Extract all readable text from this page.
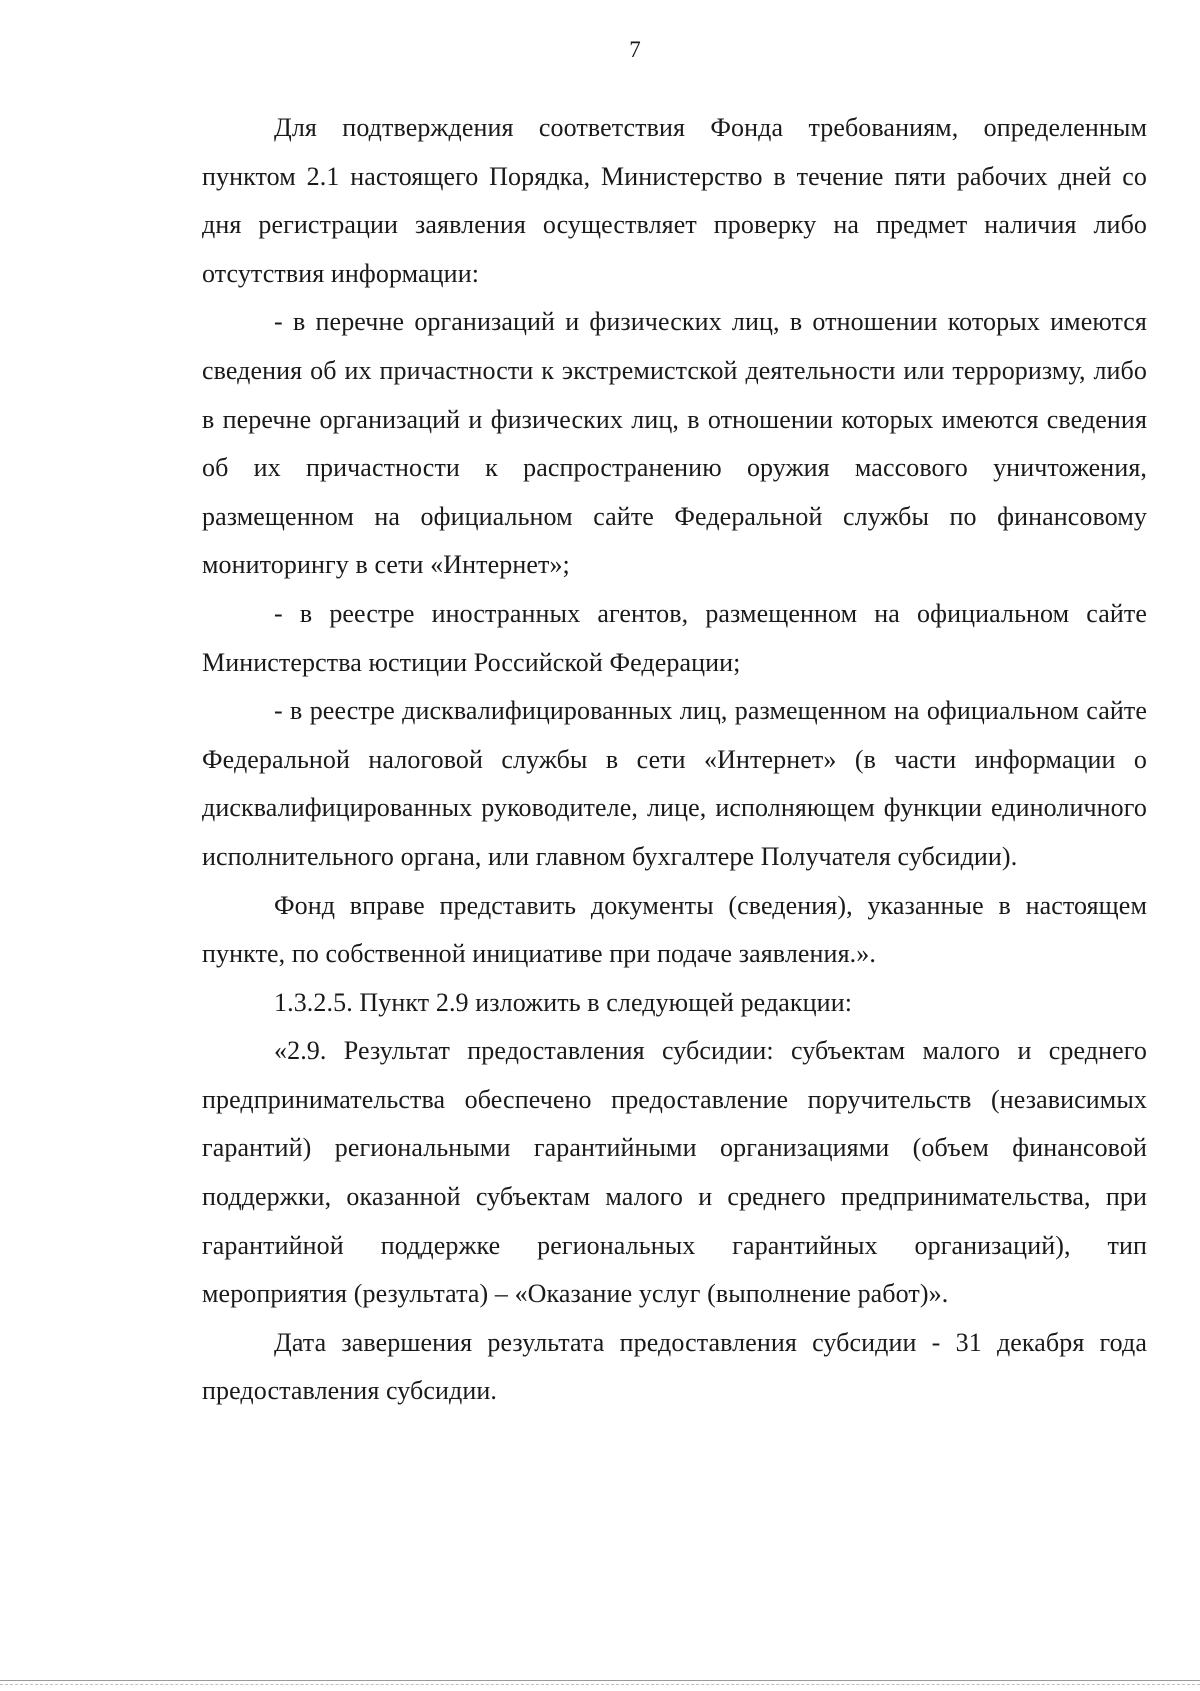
7

Для подтверждения соответствия Фонда требованиям, определенным пунктом 2.1 настоящего Порядка, Министерство в течение пяти рабочих дней со дня регистрации заявления осуществляет проверку на предмет наличия либо отсутствия информации:

- в перечне организаций и физических лиц, в отношении которых имеются сведения об их причастности к экстремистской деятельности или терроризму, либо в перечне организаций и физических лиц, в отношении которых имеются сведения об их причастности к распространению оружия массового уничтожения, размещенном на официальном сайте Федеральной службы по финансовому мониторингу в сети «Интернет»;

- в реестре иностранных агентов, размещенном на официальном сайте Министерства юстиции Российской Федерации;

- в реестре дисквалифицированных лиц, размещенном на официальном сайте Федеральной налоговой службы в сети «Интернет» (в части информации о дисквалифицированных руководителе, лице, исполняющем функции единоличного исполнительного органа, или главном бухгалтере Получателя субсидии).

Фонд вправе представить документы (сведения), указанные в настоящем пункте, по собственной инициативе при подаче заявления.».

1.3.2.5. Пункт 2.9 изложить в следующей редакции:

«2.9. Результат предоставления субсидии: субъектам малого и среднего предпринимательства обеспечено предоставление поручительств (независимых гарантий) региональными гарантийными организациями (объем финансовой поддержки, оказанной субъектам малого и среднего предпринимательства, при гарантийной поддержке региональных гарантийных организаций), тип мероприятия (результата) – «Оказание услуг (выполнение работ)».

Дата завершения результата предоставления субсидии - 31 декабря года предоставления субсидии.
